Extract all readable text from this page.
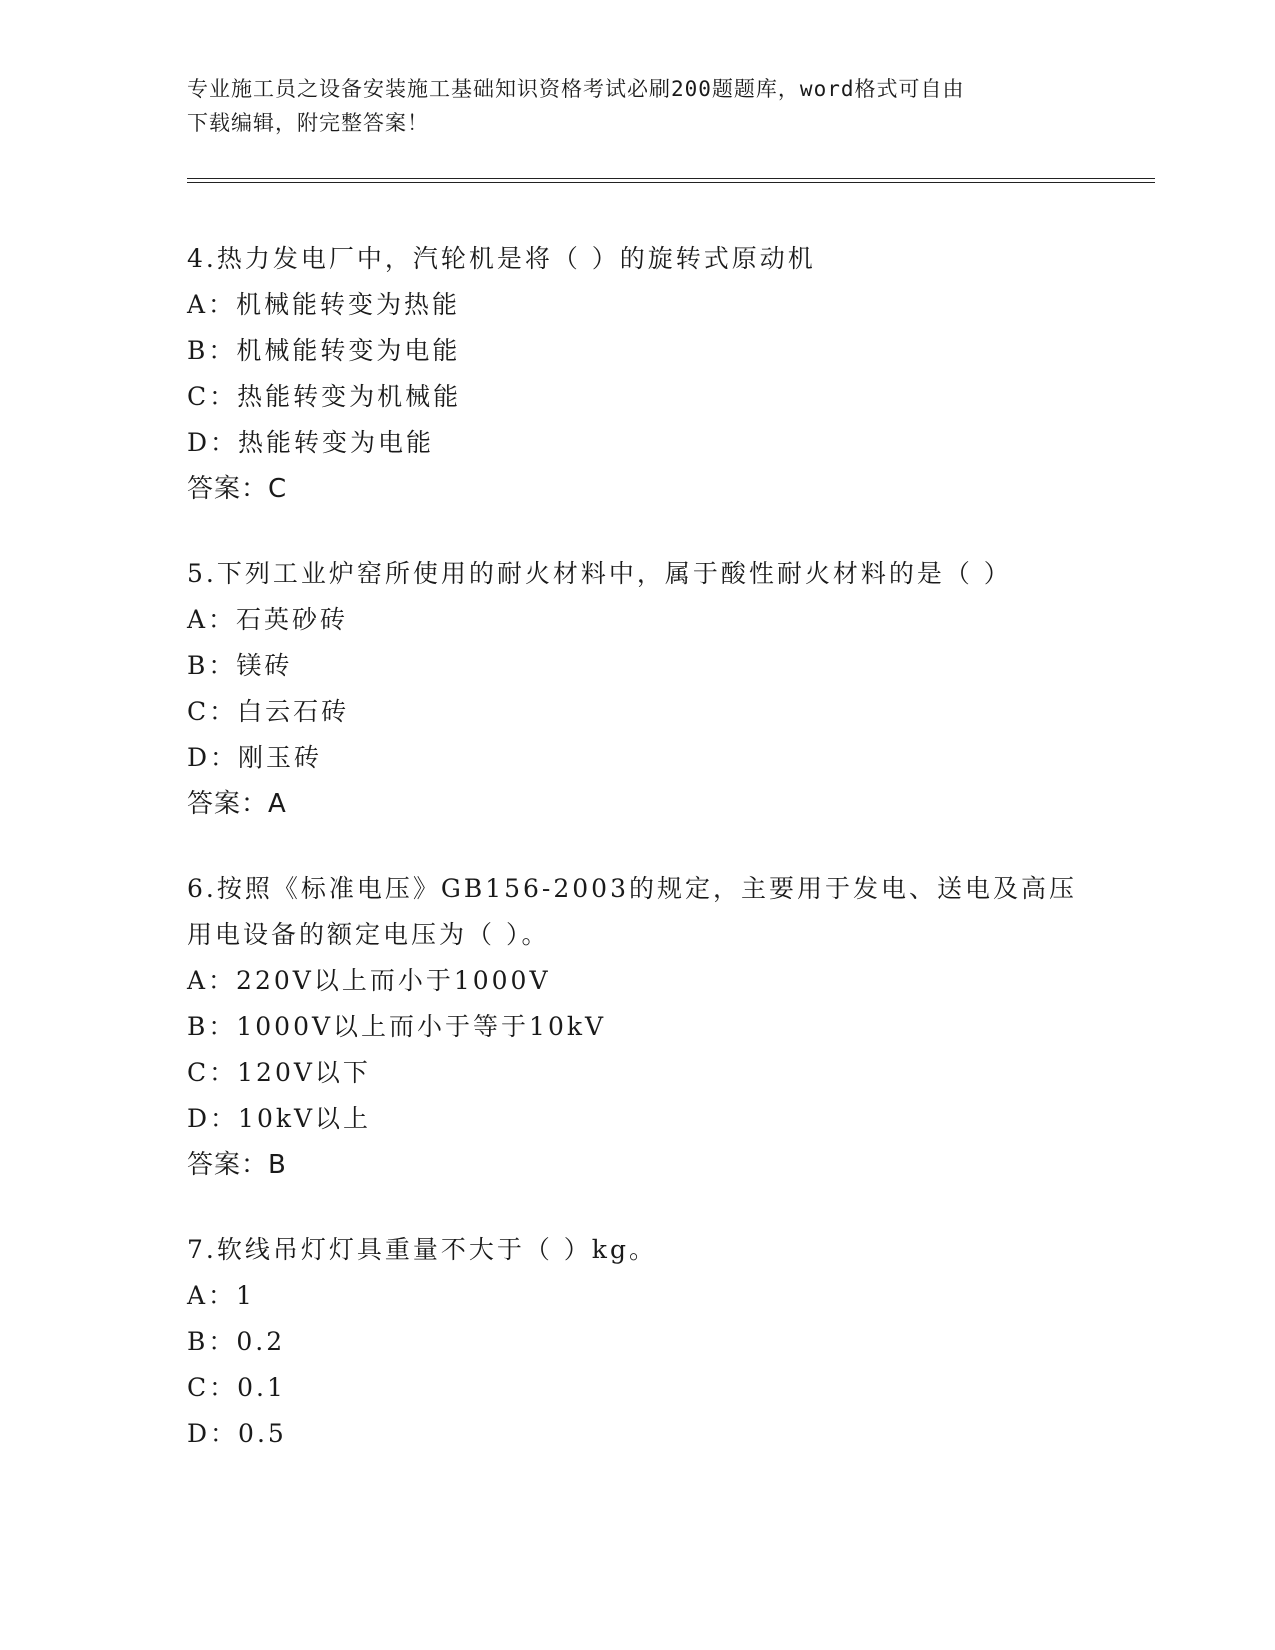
专业施工员之设备安装施工基础知识资格考试必刷200题题库，word格式可自由
下载编辑，附完整答案！
4.热力发电厂中，汽轮机是将（ ）的旋转式原动机
A：机械能转变为热能
B：机械能转变为电能
C：热能转变为机械能
D：热能转变为电能
答案：C
5.下列工业炉窑所使用的耐火材料中，属于酸性耐火材料的是（ ）
A：石英砂砖
B：镁砖
C：白云石砖
D：刚玉砖
答案：A
6.按照《标准电压》GB156-2003的规定，主要用于发电、送电及高压
用电设备的额定电压为（ ）。
A：220V以上而小于1000V
B：1000V以上而小于等于10kV
C：120V以下
D：10kV以上
答案：B
7.软线吊灯灯具重量不大于（ ）kg。
A：1
B：0.2
C：0.1
D：0.5
